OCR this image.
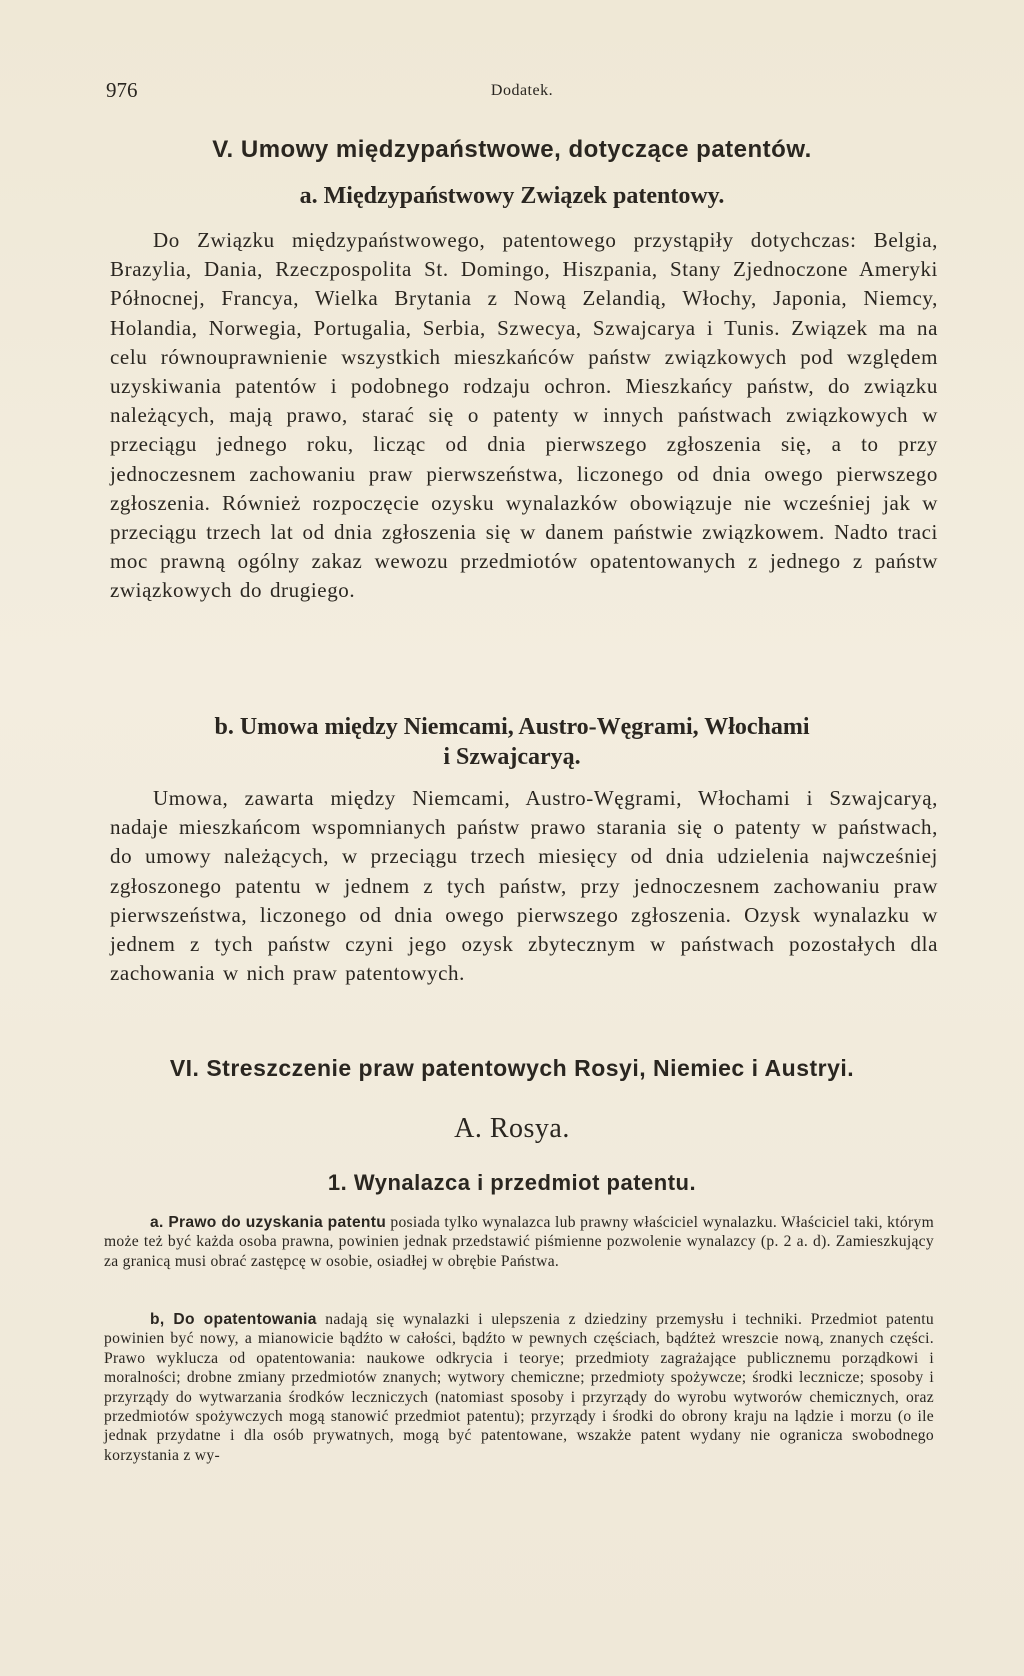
976	Dodatek.
V. Umowy międzypaństwowe, dotyczące patentów.
a. Międzypaństwowy Związek patentowy.

Do Związku międzypaństwowego, patentowego przystąpiły dotychczas: Belgia, Brazylia, Dania, Rzeczpospolita St. Domingo, Hiszpania, Stany Zjednoczone Ameryki Północnej, Francya, Wielka Brytania z Nową Zelandią, Włochy, Japonia, Niemcy, Holandia, Norwegia, Portugalia, Serbia, Szwecya, Szwajcarya i Tunis. Związek ma na celu równouprawnienie wszystkich mieszkańców państw związkowych pod względem uzyskiwania patentów i podobnego rodzaju ochron. Mieszkańcy państw, do związku należących, mają prawo, starać się o patenty w innych państwach związkowych w przeciągu jednego roku, licząc od dnia pierwszego zgłoszenia się, a to przy jednoczesnem zachowaniu praw pierwszeństwa, liczonego od dnia owego pierwszego zgłoszenia. Również rozpoczęcie ozysku wynalazków obowiązuje nie wcześniej jak w przeciągu trzech lat od dnia zgłoszenia się w danem państwie związkowem. Nadto traci moc prawną ogólny zakaz wewozu przedmiotów opatentowanych z jednego z państw związkowych do drugiego.

b. Umowa między Niemcami, Austro-Węgrami, Włochami
i Szwajcaryą.

Umowa, zawarta między Niemcami, Austro-Węgrami, Włochami i Szwajcaryą, nadaje mieszkańcom wspomnianych państw prawo starania się o patenty w państwach, do umowy należących, w przeciągu trzech miesięcy od dnia udzielenia najwcześniej zgłoszonego patentu w jednem z tych państw, przy jednoczesnem zachowaniu praw pierwszeństwa, liczonego od dnia owego pierwszego zgłoszenia. Ozysk wynalazku w jednem z tych państw czyni jego ozysk zbytecznym w państwach pozostałych dla zachowania w nich praw patentowych.

VI. Streszczenie praw patentowych Rosyi, Niemiec i Austryi.
A. Rosya.
1. Wynalazca i przedmiot patentu.

a. Prawo do uzyskania patentu posiada tylko wynalazca lub prawny właściciel wynalazku. Właściciel taki, którym może też być każda osoba prawna, powinien jednak przedstawić piśmienne pozwolenie wynalazcy (p. 2 a. d). Zamieszkujący za granicą musi obrać zastępcę w osobie, osiadłej w obrębie Państwa.

b, Do opatentowania nadają się wynalazki i ulepszenia z dziedziny przemysłu i techniki. Przedmiot patentu powinien być nowy, a mianowicie bądźto w całości, bądźto w pewnych częściach, bądźteż wreszcie nową, znanych części. Prawo wyklucza od opatentowania: naukowe odkrycia i teorye; przedmioty zagrażające publicznemu porządkowi i moralności; drobne zmiany przedmiotów znanych; wytwory chemiczne; przedmioty spożywcze; środki lecznicze; sposoby i przyrządy do wytwarzania środków leczniczych (natomiast sposoby i przyrządy do wyrobu wytworów chemicznych, oraz przedmiotów spożywczych mogą stanowić przedmiot patentu); przyrządy i środki do obrony kraju na lądzie i morzu (o ile jednak przydatne i dla osób prywatnych, mogą być patentowane, wszakże patent wydany nie ogranicza swobodnego korzystania z wy-
